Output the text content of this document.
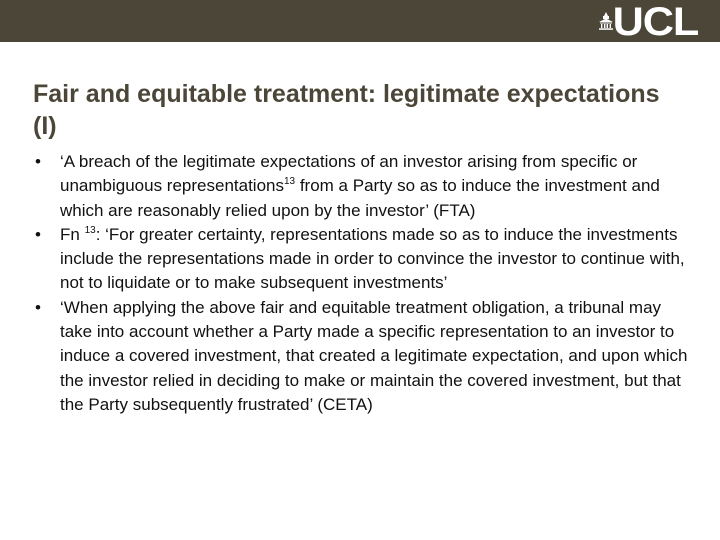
UCL
Fair and equitable treatment: legitimate expectations (I)
• ‘A breach of the legitimate expectations of an investor arising from specific or unambiguous representations$^{13}$ from a Party so as to induce the investment and which are reasonably relied upon by the investor’ (FTA)
• Fn $^{13}$: ‘For greater certainty, representations made so as to induce the investments include the representations made in order to convince the investor to continue with, not to liquidate or to make subsequent investments’
• ‘When applying the above fair and equitable treatment obligation, a tribunal may take into account whether a Party made a specific representation to an investor to induce a covered investment, that created a legitimate expectation, and upon which the investor relied in deciding to make or maintain the covered investment, but that the Party subsequently frustrated’ (CETA)
